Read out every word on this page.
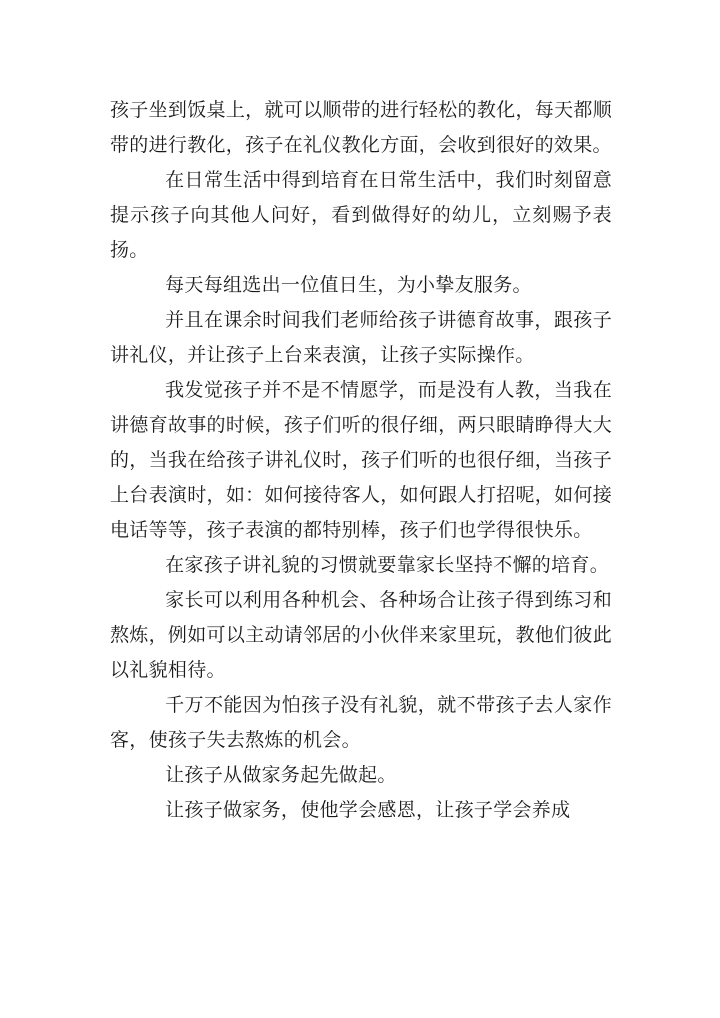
孩子坐到饭桌上，就可以顺带的进行轻松的教化，每天都顺带的进行教化，孩子在礼仪教化方面，会收到很好的效果。

在日常生活中得到培育在日常生活中，我们时刻留意提示孩子向其他人问好，看到做得好的幼儿，立刻赐予表扬。

每天每组选出一位值日生，为小挚友服务。

并且在课余时间我们老师给孩子讲德育故事，跟孩子讲礼仪，并让孩子上台来表演，让孩子实际操作。

我发觉孩子并不是不情愿学，而是没有人教，当我在讲德育故事的时候，孩子们听的很仔细，两只眼睛睁得大大的，当我在给孩子讲礼仪时，孩子们听的也很仔细，当孩子上台表演时，如：如何接待客人，如何跟人打招呢，如何接电话等等，孩子表演的都特别棒，孩子们也学得很快乐。

在家孩子讲礼貌的习惯就要靠家长坚持不懈的培育。

家长可以利用各种机会、各种场合让孩子得到练习和熬炼，例如可以主动请邻居的小伙伴来家里玩，教他们彼此以礼貌相待。

千万不能因为怕孩子没有礼貌，就不带孩子去人家作客，使孩子失去熬炼的机会。

让孩子从做家务起先做起。

让孩子做家务，使他学会感恩，让孩子学会养成
